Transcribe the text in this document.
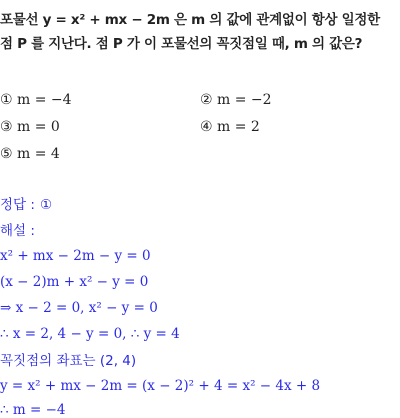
포물선 y = x² + mx − 2m 은 m 의 값에 관계없이 항상 일정한
점 P 를 지난다. 점 P 가 이 포물선의 꼭짓점일 때, m 의 값은?
① m = −4	② m = −2
③ m = 0	④ m = 2
⑤ m = 4
정답 : ①
해설 :
x² + mx − 2m − y = 0
(x − 2)m + x² − y = 0
⇒ x − 2 = 0, x² − y = 0
∴ x = 2, 4 − y = 0, ∴ y = 4
꼭짓점의 좌표는 (2, 4)
y = x² + mx − 2m = (x − 2)² + 4 = x² − 4x + 8
∴ m = −4
